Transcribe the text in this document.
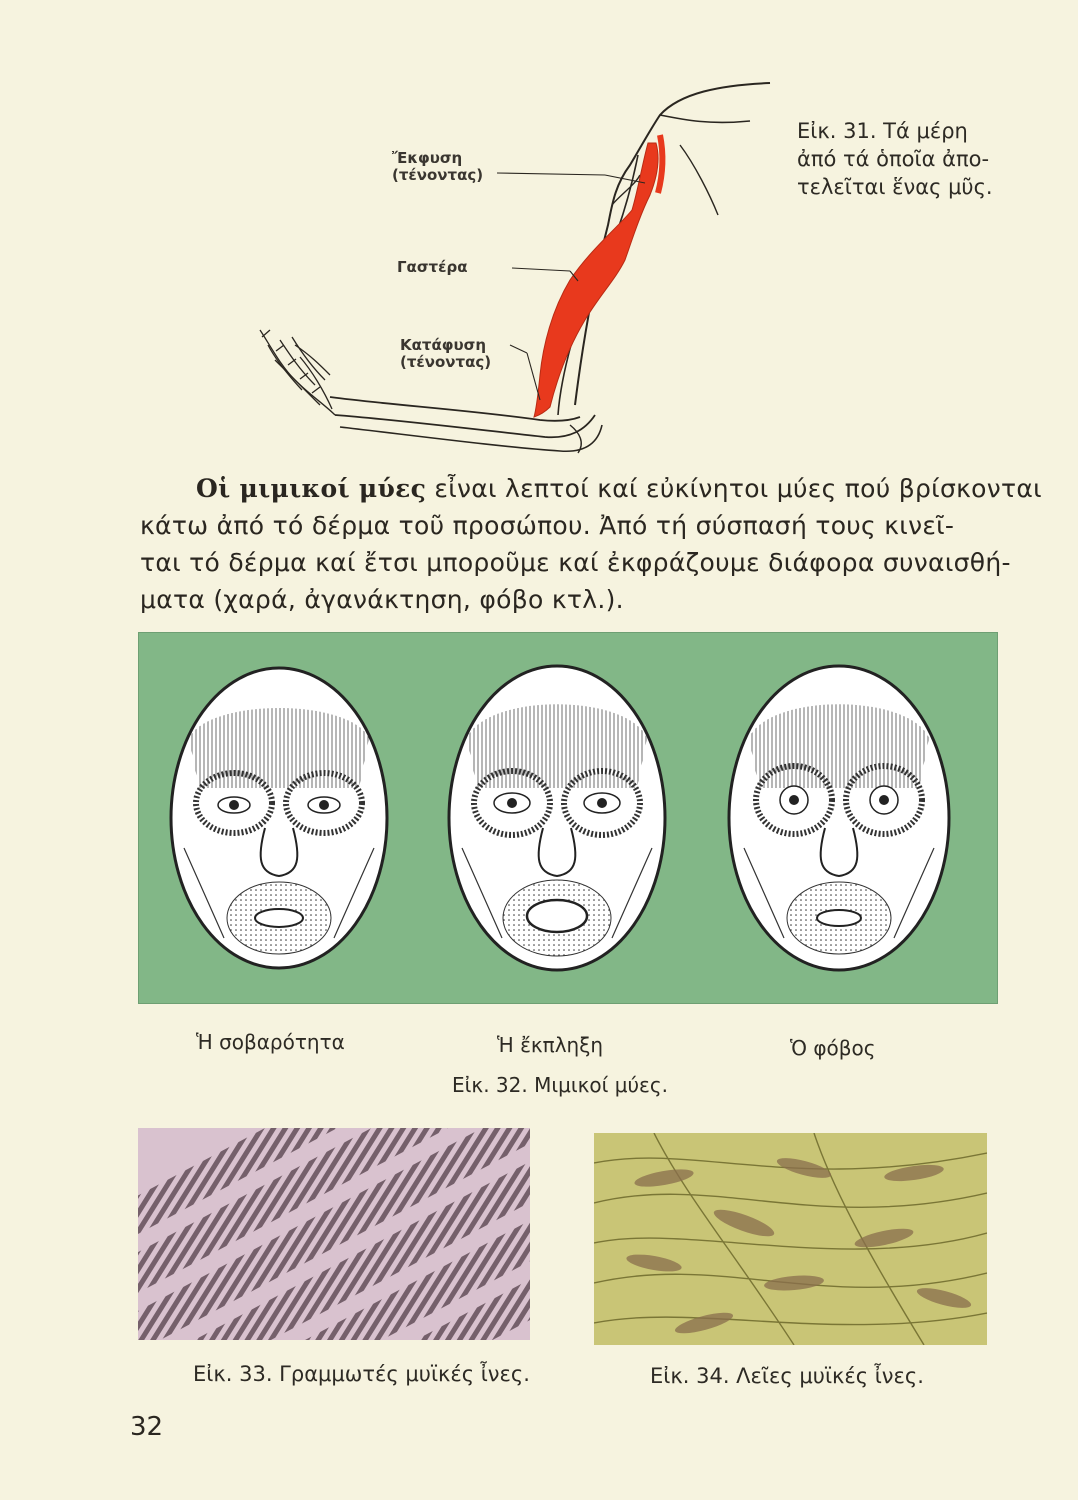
Ἔκφυση
(τένοντας)
Γαστέρα
Κατάφυση
(τένοντας)
Εἰκ. 31. Τά μέρη
ἀπό τά ὁποῖα ἀπο-
τελεῖται ἕνας μῦς.
Οἱ μιμικοί μύες εἶναι λεπτοί καί εὐκίνητοι μύες πού βρίσκονται
κάτω ἀπό τό δέρμα τοῦ προσώπου. Ἀπό τή σύσπασή τους κινεῖ-
ται τό δέρμα καί ἔτσι μποροῦμε καί ἐκφράζουμε διάφορα συναισθή-
ματα (χαρά, ἀγανάκτηση, φόβο κτλ.).
Ἡ σοβαρότητα	Ἡ ἔκπληξη	Ὁ φόβος
Εἰκ. 32. Μιμικοί μύες.
Εἰκ. 33. Γραμμωτές μυϊκές ἶνες.	Εἰκ. 34. Λεῖες μυϊκές ἶνες.
32
